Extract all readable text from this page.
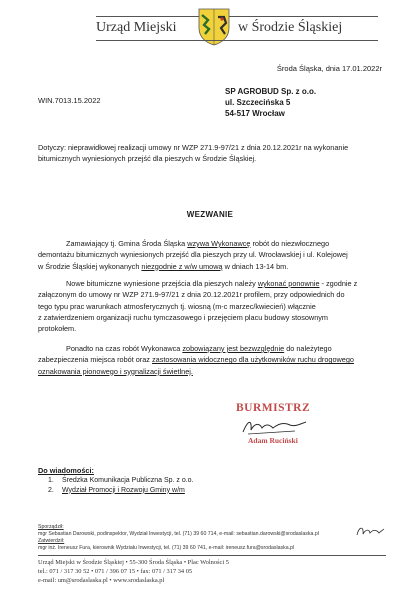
Urząd Miejski	w Środzie Śląskiej
Środa Śląska, dnia 17.01.2022r
WIN.7013.15.2022
SP AGROBUD Sp. z o.o.
ul. Szczecińska 5
54-517 Wrocław
Dotyczy: nieprawidłowej realizacji umowy nr WZP 271.9-97/21 z dnia 20.12.2021r na wykonanie
bitumicznych wyniesionych przejść dla pieszych w Środzie Śląskiej.
WEZWANIE
Zamawiający tj. Gmina Środa Śląska wzywa Wykonawcę robót do niezwłocznego
demontażu bitumicznych wyniesionych przejść dla pieszych przy ul. Wrocławskiej i ul. Kolejowej
w Środzie Śląskiej wykonanych niezgodnie z w/w umową w dniach 13-14 bm.
Nowe bitumiczne wyniesione przejścia dla pieszych należy wykonać ponownie - zgodnie z
załączonym do umowy nr WZP 271.9-97/21 z dnia 20.12.2021r profilem, przy odpowiednich do
tego typu prac warunkach atmosferycznych tj. wiosną (m-c marzec/kwiecień) włącznie
z zatwierdzeniem organizacji ruchu tymczasowego i przejęciem placu budowy stosownym
protokołem.
Ponadto na czas robót Wykonawca zobowiązany jest bezwzględnie do należytego
zabezpieczenia miejsca robót oraz zastosowania widocznego dla użytkowników ruchu drogowego
oznakowania pionowego i sygnalizacji świetlnej.
BURMISTRZ
Adam Ruciński
Do wiadomości:
1. Średzka Komunikacja Publiczna Sp. z o.o.
2. Wydział Promocji i Rozwoju Gminy w/m
Sporządził:
mgr Sebastian Darowski, podinspektor, Wydział Inwestycji, tel. (71) 39 60 714, e-mail: sebastian.darowski@srodaslaska.pl
Zatwierdził:
mgr inż. Ireneusz Fura, kierownik Wydziału Inwestycji, tel. (71) 39 60 741, e-mail: ireneusz.fura@srodaslaska.pl
Urząd Miejski w Środzie Śląskiej • 55-300 Środa Śląska • Plac Wolności 5
tel.: 071 / 317 30 52 • 071 / 396 07 15 • fax: 071 / 317 34 05
e-mail: um@srodaslaska.pl • www.srodaslaska.pl
